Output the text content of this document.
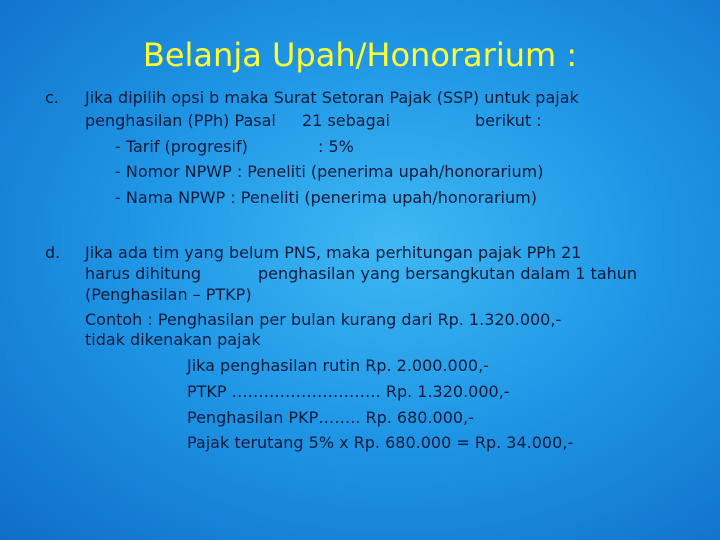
Belanja Upah/Honorarium :
c. Jika dipilih opsi b maka Surat Setoran Pajak (SSP) untuk pajak
penghasilan (PPh) Pasal 21 sebagai	berikut :
- Tarif (progresif)	: 5%
- Nomor NPWP : Peneliti (penerima upah/honorarium)
- Nama NPWP : Peneliti (penerima upah/honorarium)
d. Jika ada tim yang belum PNS, maka perhitungan pajak PPh 21
harus dihitung	penghasilan yang bersangkutan dalam 1 tahun
(Penghasilan – PTKP)
Contoh : Penghasilan per bulan kurang dari Rp. 1.320.000,-
tidak dikenakan pajak
Jika penghasilan rutin Rp. 2.000.000,-
PTKP ………………………. Rp. 1.320.000,-
Penghasilan PKP…….. Rp. 680.000,-
Pajak terutang 5% x Rp. 680.000 = Rp. 34.000,-
